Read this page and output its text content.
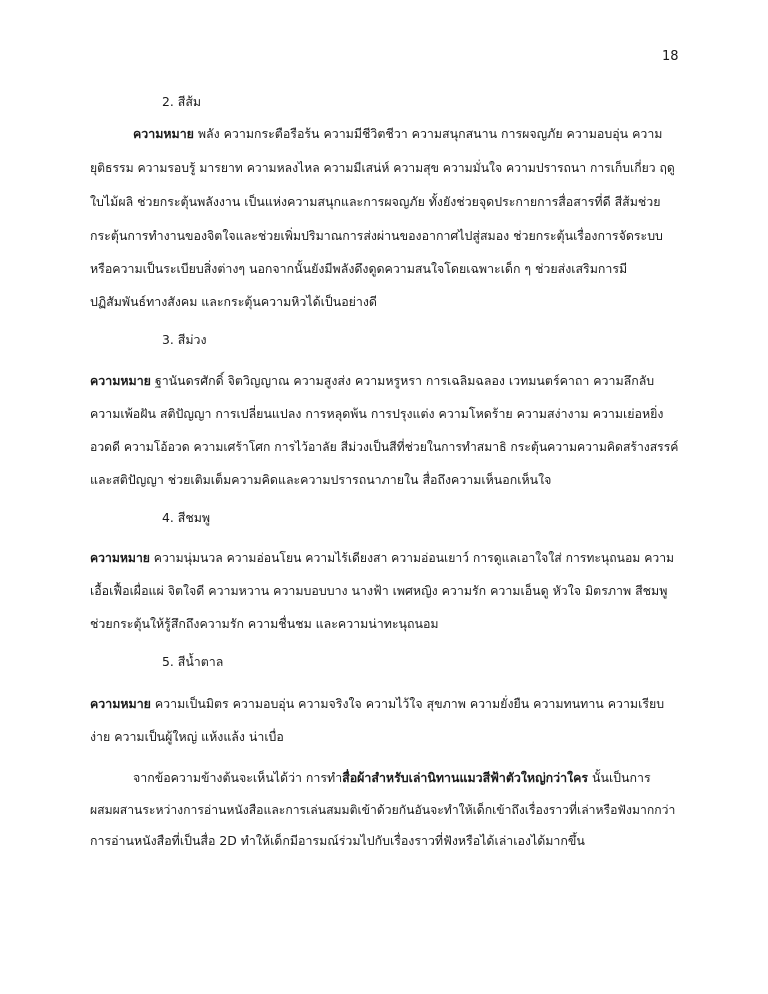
18
2. สีส้ม
ความหมาย พลัง ความกระตือรือร้น ความมีชีวิตชีวา ความสนุกสนาน การผจญภัย ความอบอุ่น ความ
ยุติธรรม ความรอบรู้ มารยาท ความหลงไหล ความมีเสน่ห์ ความสุข ความมั่นใจ ความปรารถนา การเก็บเกี่ยว ฤดู
ใบไม้ผลิ ช่วยกระตุ้นพลังงาน เป็นแห่งความสนุกและการผจญภัย ทั้งยังช่วยจุดประกายการสื่อสารที่ดี สีส้มช่วย
กระตุ้นการทำงานของจิตใจและช่วยเพิ่มปริมาณการส่งผ่านของอากาศไปสู่สมอง ช่วยกระตุ้นเรื่องการจัดระบบ
หรือความเป็นระเบียบสิ่งต่างๆ นอกจากนั้นยังมีพลังดึงดูดความสนใจโดยเฉพาะเด็ก ๆ ช่วยส่งเสริมการมี
ปฏิสัมพันธ์ทางสังคม และกระตุ้นความหิวได้เป็นอย่างดี
3. สีม่วง
ความหมาย ฐานันดรศักดิ์ จิตวิญญาณ ความสูงส่ง ความหรูหรา การเฉลิมฉลอง เวทมนตร์คาถา ความลึกลับ
ความเพ้อฝัน สติปัญญา การเปลี่ยนแปลง การหลุดพ้น การปรุงแต่ง ความโหดร้าย ความสง่างาม ความเย่อหยิ่ง
อวดดี ความโอ้อวด ความเศร้าโศก การไว้อาลัย สีม่วงเป็นสีที่ช่วยในการทำสมาธิ กระตุ้นความความคิดสร้างสรรค์
และสติปัญญา ช่วยเติมเต็มความคิดและความปรารถนาภายใน สื่อถึงความเห็นอกเห็นใจ
4. สีชมพู
ความหมาย ความนุ่มนวล ความอ่อนโยน ความไร้เดียงสา ความอ่อนเยาว์ การดูแลเอาใจใส่ การทะนุถนอม ความ
เอื้อเฟื้อเผื่อแผ่ จิตใจดี ความหวาน ความบอบบาง นางฟ้า เพศหญิง ความรัก ความเอ็นดู หัวใจ มิตรภาพ สีชมพู
ช่วยกระตุ้นให้รู้สึกถึงความรัก ความชื่นชม และความน่าทะนุถนอม
5. สีน้ำตาล
ความหมาย ความเป็นมิตร ความอบอุ่น ความจริงใจ ความไว้ใจ สุขภาพ ความยั่งยืน ความทนทาน ความเรียบ
ง่าย ความเป็นผู้ใหญ่ แห้งแล้ง น่าเบื่อ
จากข้อความข้างต้นจะเห็นได้ว่า การทำสื่อผ้าสำหรับเล่านิทานแมวสีฟ้าตัวใหญ่กว่าใคร นั้นเป็นการ
ผสมผสานระหว่างการอ่านหนังสือและการเล่นสมมติเข้าด้วยกันอันจะทำให้เด็กเข้าถึงเรื่องราวที่เล่าหรือฟังมากกว่า
การอ่านหนังสือที่เป็นสื่อ 2D ทำให้เด็กมีอารมณ์ร่วมไปกับเรื่องราวที่ฟังหรือได้เล่าเองได้มากขึ้น
